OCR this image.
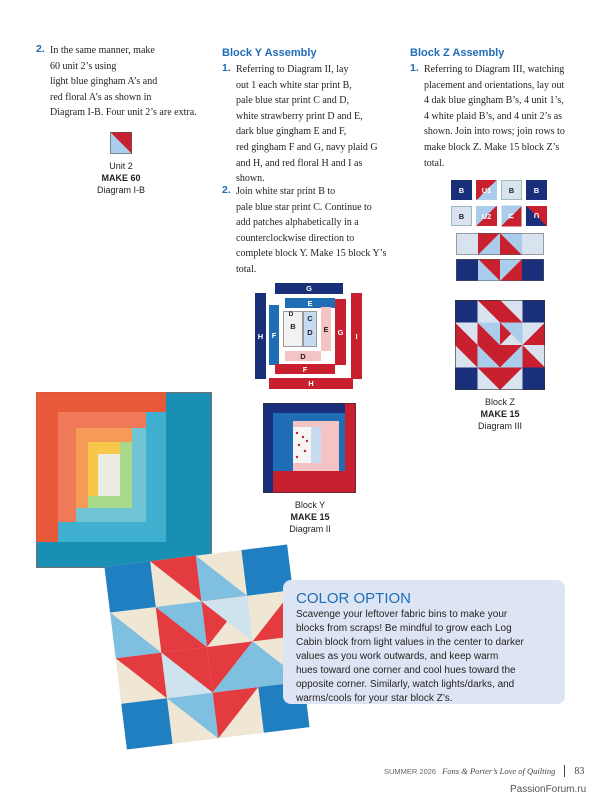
2. In the same manner, make
60 unit 2’s using
light blue gingham A’s and
red floral A’s as shown in
Diagram I-B. Four unit 2’s are extra.
Unit 2
MAKE 60
Diagram I-B
Block Y Assembly
1. Referring to Diagram II, lay
out 1 each white star print B,
pale blue star print C and D,
white strawberry print D and E,
dark blue gingham E and F,
red gingham F and G, navy plaid G
and H, and red floral H and I as
shown.
2. Join white star print B to
pale blue star print C. Continue to
add patches alphabetically in a
counterclockwise direction to
complete block Y. Make 15 block Y’s
total.
G
E
H	F
B
C
D
D
E	G	I
D
F
H
Block Y
MAKE 15
Diagram II
Block Z Assembly
1. Referring to Diagram III, watching
placement and orientations, lay out
4 dak blue gingham B’s, 4 unit 1’s,
4 white plaid B’s, and 4 unit 2’s as
shown. Join into rows; join rows to
make block Z. Make 15 block Z’s
total.
B	U1	B	B
B	U2	U	U
Block Z
MAKE 15
Diagram III
COLOR OPTION
Scavenge your leftover fabric bins to make your
blocks from scraps! Be mindful to grow each Log
Cabin block from light values in the center to darker
values as you work outwards, and keep warm
hues toward one corner and cool hues toward the
opposite corner. Similarly, watch lights/darks, and
warms/cools for your star block Z’s.
SUMMER 2026 Fons & Porter’s Love of Quilting 83
PassionForum.ru
